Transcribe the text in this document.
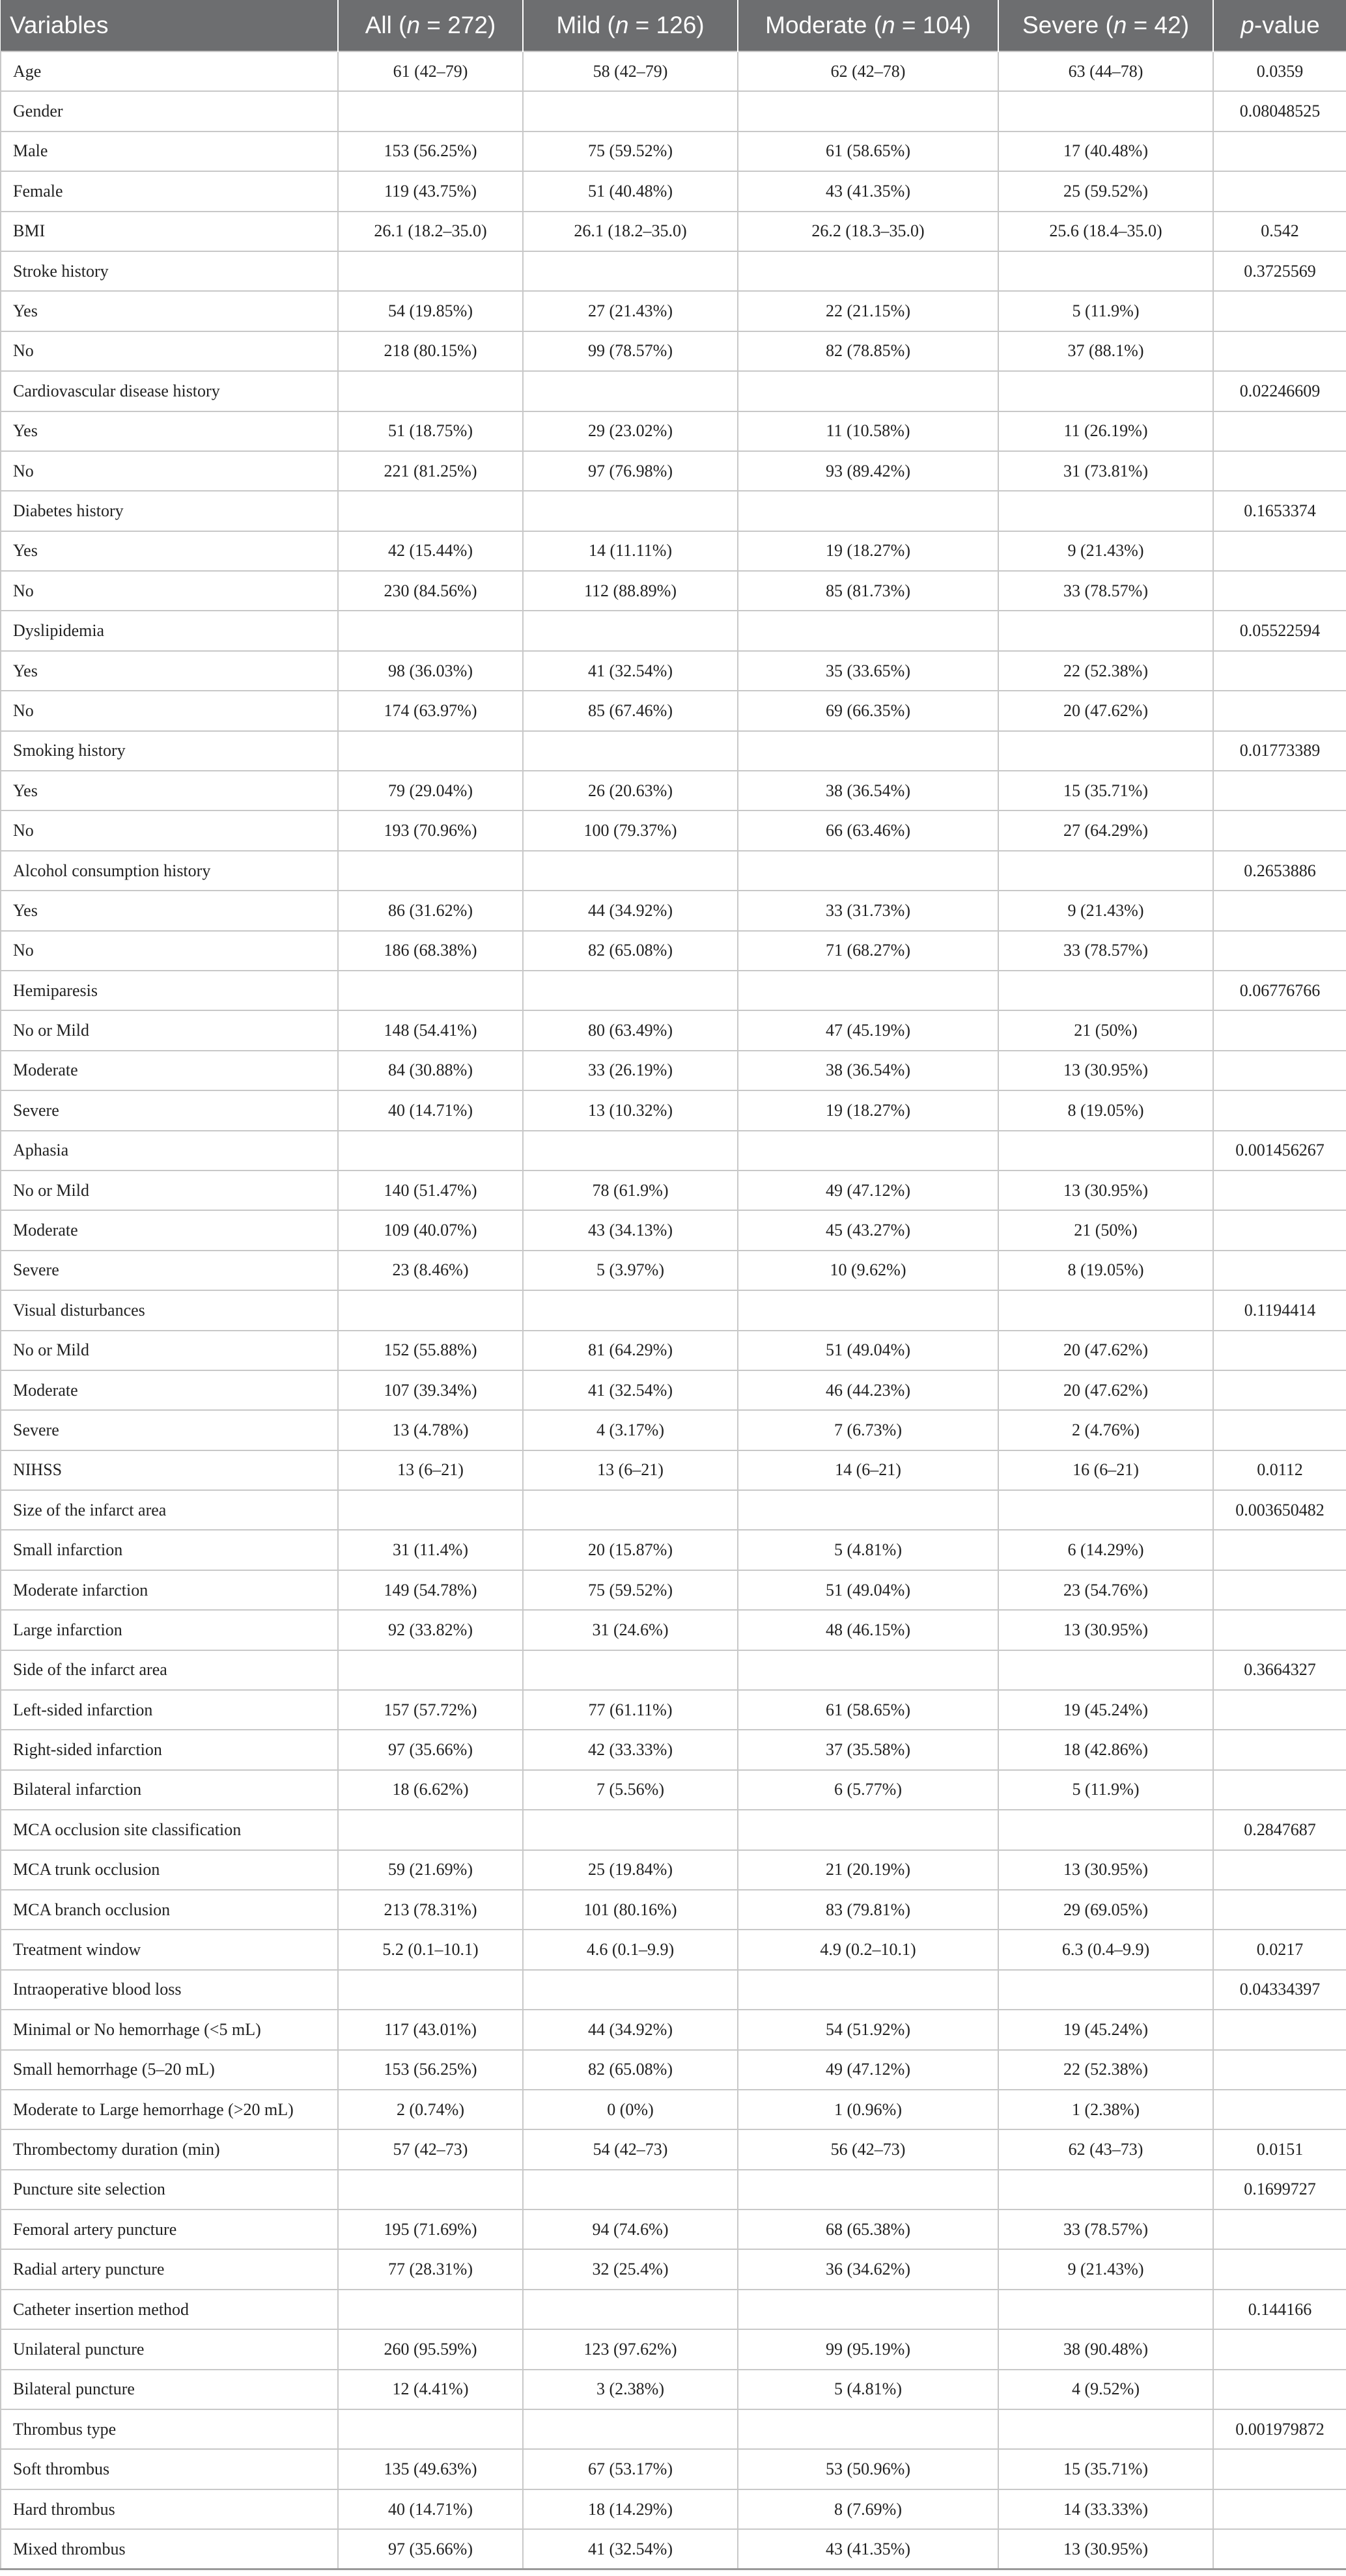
Variables	All (n = 272)	Mild (n = 126)	Moderate (n = 104)	Severe (n = 42)	p-value
Age	61 (42–79)	58 (42–79)	62 (42–78)	63 (44–78)	0.0359
Gender					0.08048525
Male	153 (56.25%)	75 (59.52%)	61 (58.65%)	17 (40.48%)	
Female	119 (43.75%)	51 (40.48%)	43 (41.35%)	25 (59.52%)	
BMI	26.1 (18.2–35.0)	26.1 (18.2–35.0)	26.2 (18.3–35.0)	25.6 (18.4–35.0)	0.542
Stroke history					0.3725569
Yes	54 (19.85%)	27 (21.43%)	22 (21.15%)	5 (11.9%)	
No	218 (80.15%)	99 (78.57%)	82 (78.85%)	37 (88.1%)	
Cardiovascular disease history					0.02246609
Yes	51 (18.75%)	29 (23.02%)	11 (10.58%)	11 (26.19%)	
No	221 (81.25%)	97 (76.98%)	93 (89.42%)	31 (73.81%)	
Diabetes history					0.1653374
Yes	42 (15.44%)	14 (11.11%)	19 (18.27%)	9 (21.43%)	
No	230 (84.56%)	112 (88.89%)	85 (81.73%)	33 (78.57%)	
Dyslipidemia					0.05522594
Yes	98 (36.03%)	41 (32.54%)	35 (33.65%)	22 (52.38%)	
No	174 (63.97%)	85 (67.46%)	69 (66.35%)	20 (47.62%)	
Smoking history					0.01773389
Yes	79 (29.04%)	26 (20.63%)	38 (36.54%)	15 (35.71%)	
No	193 (70.96%)	100 (79.37%)	66 (63.46%)	27 (64.29%)	
Alcohol consumption history					0.2653886
Yes	86 (31.62%)	44 (34.92%)	33 (31.73%)	9 (21.43%)	
No	186 (68.38%)	82 (65.08%)	71 (68.27%)	33 (78.57%)	
Hemiparesis					0.06776766
No or Mild	148 (54.41%)	80 (63.49%)	47 (45.19%)	21 (50%)	
Moderate	84 (30.88%)	33 (26.19%)	38 (36.54%)	13 (30.95%)	
Severe	40 (14.71%)	13 (10.32%)	19 (18.27%)	8 (19.05%)	
Aphasia					0.001456267
No or Mild	140 (51.47%)	78 (61.9%)	49 (47.12%)	13 (30.95%)	
Moderate	109 (40.07%)	43 (34.13%)	45 (43.27%)	21 (50%)	
Severe	23 (8.46%)	5 (3.97%)	10 (9.62%)	8 (19.05%)	
Visual disturbances					0.1194414
No or Mild	152 (55.88%)	81 (64.29%)	51 (49.04%)	20 (47.62%)	
Moderate	107 (39.34%)	41 (32.54%)	46 (44.23%)	20 (47.62%)	
Severe	13 (4.78%)	4 (3.17%)	7 (6.73%)	2 (4.76%)	
NIHSS	13 (6–21)	13 (6–21)	14 (6–21)	16 (6–21)	0.0112
Size of the infarct area					0.003650482
Small infarction	31 (11.4%)	20 (15.87%)	5 (4.81%)	6 (14.29%)	
Moderate infarction	149 (54.78%)	75 (59.52%)	51 (49.04%)	23 (54.76%)	
Large infarction	92 (33.82%)	31 (24.6%)	48 (46.15%)	13 (30.95%)	
Side of the infarct area					0.3664327
Left-sided infarction	157 (57.72%)	77 (61.11%)	61 (58.65%)	19 (45.24%)	
Right-sided infarction	97 (35.66%)	42 (33.33%)	37 (35.58%)	18 (42.86%)	
Bilateral infarction	18 (6.62%)	7 (5.56%)	6 (5.77%)	5 (11.9%)	
MCA occlusion site classification					0.2847687
MCA trunk occlusion	59 (21.69%)	25 (19.84%)	21 (20.19%)	13 (30.95%)	
MCA branch occlusion	213 (78.31%)	101 (80.16%)	83 (79.81%)	29 (69.05%)	
Treatment window	5.2 (0.1–10.1)	4.6 (0.1–9.9)	4.9 (0.2–10.1)	6.3 (0.4–9.9)	0.0217
Intraoperative blood loss					0.04334397
Minimal or No hemorrhage (<5 mL)	117 (43.01%)	44 (34.92%)	54 (51.92%)	19 (45.24%)	
Small hemorrhage (5–20 mL)	153 (56.25%)	82 (65.08%)	49 (47.12%)	22 (52.38%)	
Moderate to Large hemorrhage (>20 mL)	2 (0.74%)	0 (0%)	1 (0.96%)	1 (2.38%)	
Thrombectomy duration (min)	57 (42–73)	54 (42–73)	56 (42–73)	62 (43–73)	0.0151
Puncture site selection					0.1699727
Femoral artery puncture	195 (71.69%)	94 (74.6%)	68 (65.38%)	33 (78.57%)	
Radial artery puncture	77 (28.31%)	32 (25.4%)	36 (34.62%)	9 (21.43%)	
Catheter insertion method					0.144166
Unilateral puncture	260 (95.59%)	123 (97.62%)	99 (95.19%)	38 (90.48%)	
Bilateral puncture	12 (4.41%)	3 (2.38%)	5 (4.81%)	4 (9.52%)	
Thrombus type					0.001979872
Soft thrombus	135 (49.63%)	67 (53.17%)	53 (50.96%)	15 (35.71%)	
Hard thrombus	40 (14.71%)	18 (14.29%)	8 (7.69%)	14 (33.33%)	
Mixed thrombus	97 (35.66%)	41 (32.54%)	43 (41.35%)	13 (30.95%)	
